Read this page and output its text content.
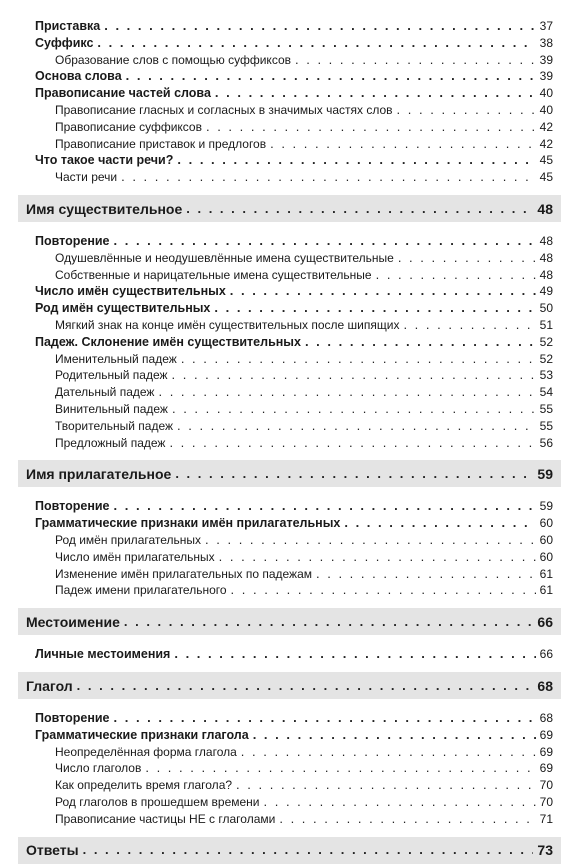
Приставка . . .	37
Суффикс . . .	38
Образование слов с помощью суффиксов . . .	39
Основа слова . . .	39
Правописание частей слова . . .	40
Правописание гласных и согласных в значимых частях слов . . .	40
Правописание суффиксов . . .	42
Правописание приставок и предлогов . . .	42
Что такое части речи? . . .	45
Части речи . . .	45
Имя существительное . . .	48
Повторение . . .	48
Одушевлённые и неодушевлённые имена существительные . . .	48
Собственные и нарицательные имена существительные . . .	48
Число имён существительных . . .	49
Род имён существительных . . .	50
Мягкий знак на конце имён существительных после шипящих . . .	51
Падеж. Склонение имён существительных . . .	52
Именительный падеж . . .	52
Родительный падеж . . .	53
Дательный падеж . . .	54
Винительный падеж . . .	55
Творительный падеж . . .	55
Предложный падеж . . .	56
Имя прилагательное . . .	59
Повторение . . .	59
Грамматические признаки имён прилагательных . . .	60
Род имён прилагательных . . .	60
Число имён прилагательных . . .	60
Изменение имён прилагательных по падежам . . .	61
Падеж имени прилагательного . . .	61
Местоимение . . .	66
Личные местоимения . . .	66
Глагол . . .	68
Повторение . . .	68
Грамматические признаки глагола . . .	69
Неопределённая форма глагола . . .	69
Число глаголов . . .	69
Как определить время глагола? . . .	70
Род глаголов в прошедшем времени . . .	70
Правописание частицы НЕ с глаголами . . .	71
Ответы . . .	73
